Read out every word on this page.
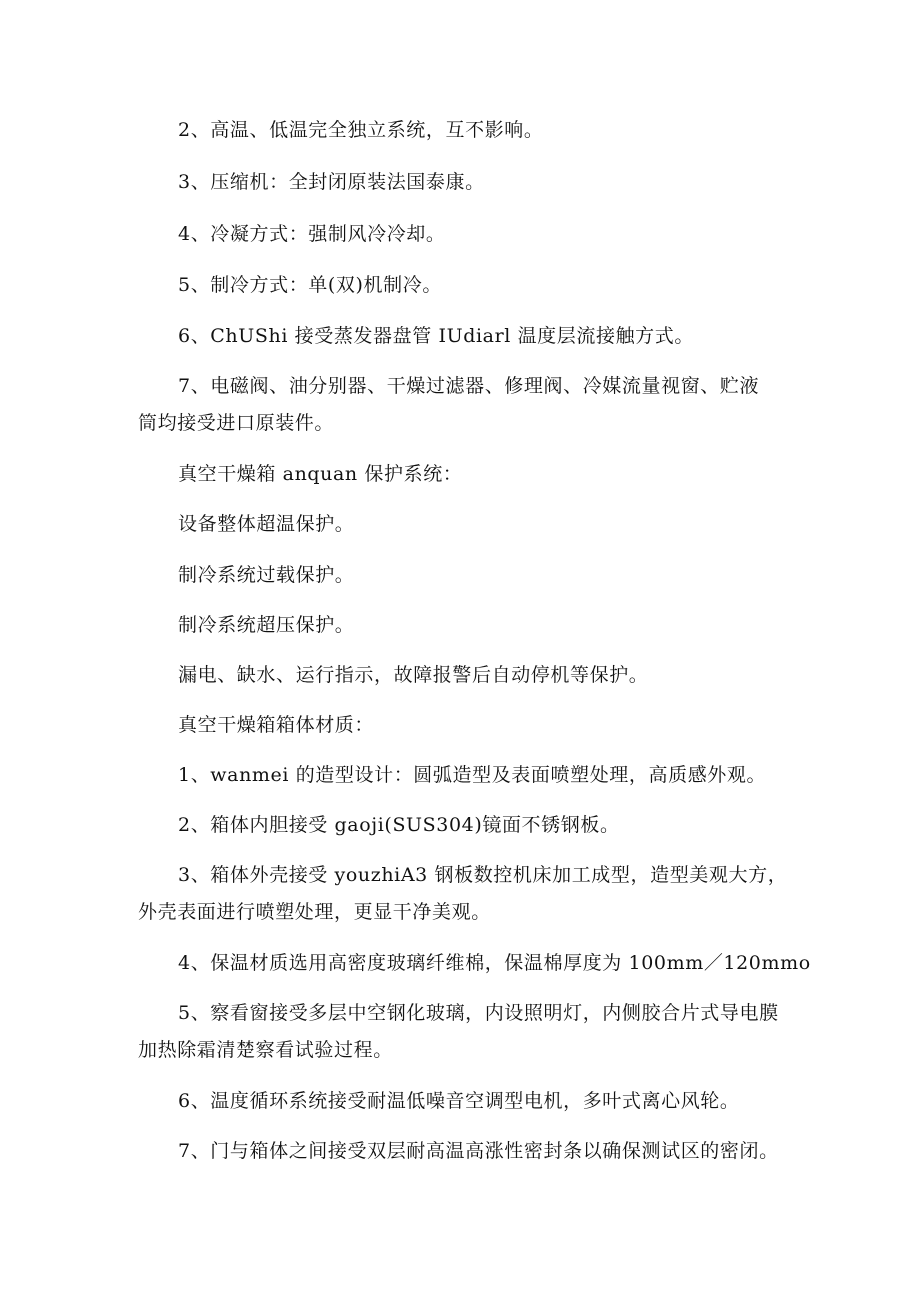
2、高温、低温完全独立系统，互不影响。
3、压缩机：全封闭原装法国泰康。
4、冷凝方式：强制风冷冷却。
5、制冷方式：单(双)机制冷。
6、ChUShi 接受蒸发器盘管 IUdiarl 温度层流接触方式。
7、电磁阀、油分别器、干燥过滤器、修理阀、冷媒流量视窗、贮液
筒均接受进口原装件。
真空干燥箱 anquan 保护系统：
设备整体超温保护。
制冷系统过载保护。
制冷系统超压保护。
漏电、缺水、运行指示，故障报警后自动停机等保护。
真空干燥箱箱体材质：
1、wanmei 的造型设计：圆弧造型及表面喷塑处理，高质感外观。
2、箱体内胆接受 gaoji(SUS304)镜面不锈钢板。
3、箱体外壳接受 youzhiA3 钢板数控机床加工成型，造型美观大方，
外壳表面进行喷塑处理，更显干净美观。
4、保温材质选用高密度玻璃纤维棉，保温棉厚度为 100mm／120mmo
5、察看窗接受多层中空钢化玻璃，内设照明灯，内侧胶合片式导电膜
加热除霜清楚察看试验过程。
6、温度循环系统接受耐温低噪音空调型电机，多叶式离心风轮。
7、门与箱体之间接受双层耐高温高涨性密封条以确保测试区的密闭。
